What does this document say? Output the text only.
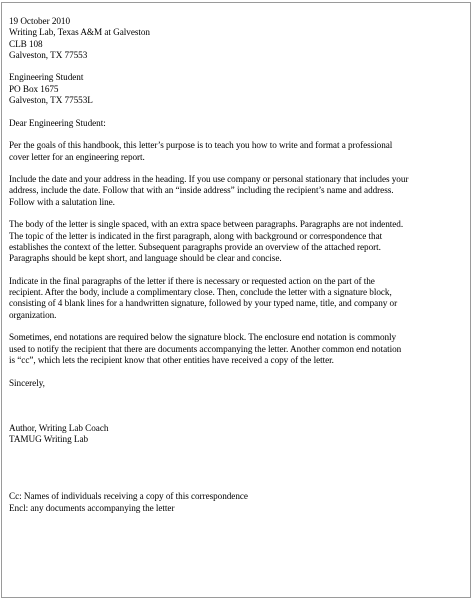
19 October 2010
Writing Lab, Texas A&M at Galveston
CLB 108
Galveston, TX 77553
Engineering Student
PO Box 1675
Galveston, TX 77553L
Dear Engineering Student:
Per the goals of this handbook, this letter’s purpose is to teach you how to write and format a professional
cover letter for an engineering report.
Include the date and your address in the heading. If you use company or personal stationary that includes your
address, include the date. Follow that with an “inside address” including the recipient’s name and address.
Follow with a salutation line.
The body of the letter is single spaced, with an extra space between paragraphs. Paragraphs are not indented.
The topic of the letter is indicated in the first paragraph, along with background or correspondence that
establishes the context of the letter. Subsequent paragraphs provide an overview of the attached report.
Paragraphs should be kept short, and language should be clear and concise.
Indicate in the final paragraphs of the letter if there is necessary or requested action on the part of the
recipient. After the body, include a complimentary close. Then, conclude the letter with a signature block,
consisting of 4 blank lines for a handwritten signature, followed by your typed name, title, and company or
organization.
Sometimes, end notations are required below the signature block. The enclosure end notation is commonly
used to notify the recipient that there are documents accompanying the letter. Another common end notation
is “cc”, which lets the recipient know that other entities have received a copy of the letter.
Sincerely,
Author, Writing Lab Coach
TAMUG Writing Lab
Cc: Names of individuals receiving a copy of this correspondence
Encl: any documents accompanying the letter
